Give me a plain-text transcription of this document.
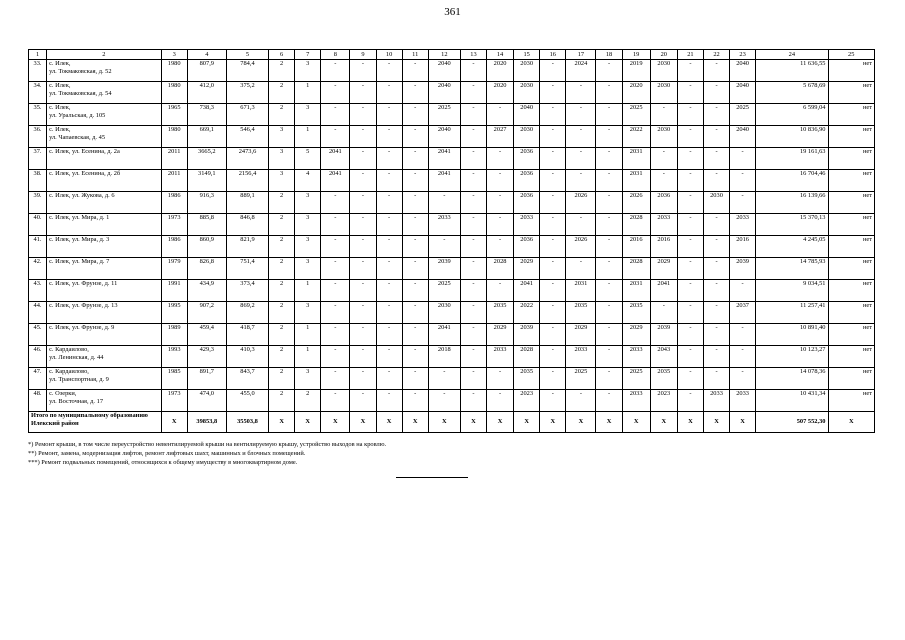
361
1	2	3	4	5	6	7	8	9	10	11	12	13	14	15	16	17	18	19	20	21	22	23	24	25
33.	с. Илек,
ул. Токмаковская, д. 52	1980	807,9	784,4	2	3	-	-	-	-	2040	-	2020	2030	-	2024	-	2019	2030	-	-	2040	11 636,55	нет
34.	с. Илек,
ул. Токмаковская, д. 54	1980	412,0	375,2	2	1	-	-	-	-	2040	-	2020	2030	-	-	-	2020	2030	-	-	2040	5 678,69	нет
35.	с. Илек,
ул. Уральская, д. 105	1965	738,3	671,3	2	3	-	-	-	-	2025	-	-	2040	-	-	-	2025	-	-	-	2025	6 599,04	нет
36.	с. Илек,
ул. Чапаевская, д. 45	1980	669,1	546,4	3	1	-	-	-	-	2040	-	2027	2030	-	-	-	2022	2030	-	-	2040	10 836,90	нет
37.	с. Илек, ул. Есенина, д. 2а	2011	3665,2	2473,6	3	5	2041	-	-	-	2041	-	-	2036	-	-	-	2031	-	-	-	-	19 161,63	нет
38.	с. Илек, ул. Есенина, д. 2б	2011	3149,1	2156,4	3	4	2041	-	-	-	2041	-	-	2036	-	-	-	2031	-	-	-	-	16 704,46	нет
39.	с. Илек, ул. Жукова, д. 6	1986	916,3	889,1	2	3	-	-	-	-	-	-	-	2036	-	2026	-	2026	2036	-	2030	-	16 139,66	нет
40.	с. Илек, ул. Мира, д. 1	1973	885,8	846,8	2	3	-	-	-	-	2033	-	-	2033	-	-	-	2028	2033	-	-	2033	15 370,13	нет
41.	с. Илек, ул. Мира, д. 3	1986	860,9	821,9	2	3	-	-	-	-	-	-	-	2036	-	2026	-	2016	2016	-	-	2016	4 245,05	нет
42.	с. Илек, ул. Мира, д. 7	1979	826,8	751,4	2	3	-	-	-	-	2039	-	2028	2029	-	-	-	2028	2029	-	-	2039	14 785,93	нет
43.	с. Илек, ул. Фрунзе, д. 11	1991	434,9	373,4	2	1	-	-	-	-	2025	-	-	2041	-	2031	-	2031	2041	-	-	-	9 034,51	нет
44.	с. Илек, ул. Фрунзе, д. 13	1995	907,2	869,2	2	3	-	-	-	-	2030	-	2035	2022	-	2035	-	2035	-	-	-	2037	11 257,41	нет
45.	с. Илек, ул. Фрунзе, д. 9	1989	459,4	418,7	2	1	-	-	-	-	2041	-	2029	2039	-	2029	-	2029	2039	-	-	-	10 891,40	нет
46.	с. Кардаилово,
ул. Ленинская, д. 44	1993	429,3	410,3	2	1	-	-	-	-	2018	-	2033	2028	-	2033	-	2033	2043	-	-	-	10 123,27	нет
47.	с. Кардаилово,
ул. Транспортная, д. 9	1985	891,7	843,7	2	3	-	-	-	-	-	-	-	2035	-	2025	-	2025	2035	-	-	-	14 078,36	нет
48.	с. Озерки,
ул. Восточная, д. 17	1973	474,0	455,0	2	2	-	-	-	-	-	-	-	2023	-	-	-	2033	2023	-	2033	2033	10 431,34	нет
Итого по муниципальному образованию Илекский район		X	39853,8	35503,8	X	X	X	X	X	X	X	X	X	X	X	X	X	X	X	X	X	X	507 552,30	X
*) Ремонт крыши, в том числе переустройство невентилируемой крыши на вентилируемую крышу, устройство выходов на кровлю.
**) Ремонт, замена, модернизация лифтов, ремонт лифтовых шахт, машинных и блочных помещений.
***) Ремонт подвальных помещений, относящихся к общему имуществу в многоквартирном доме.
